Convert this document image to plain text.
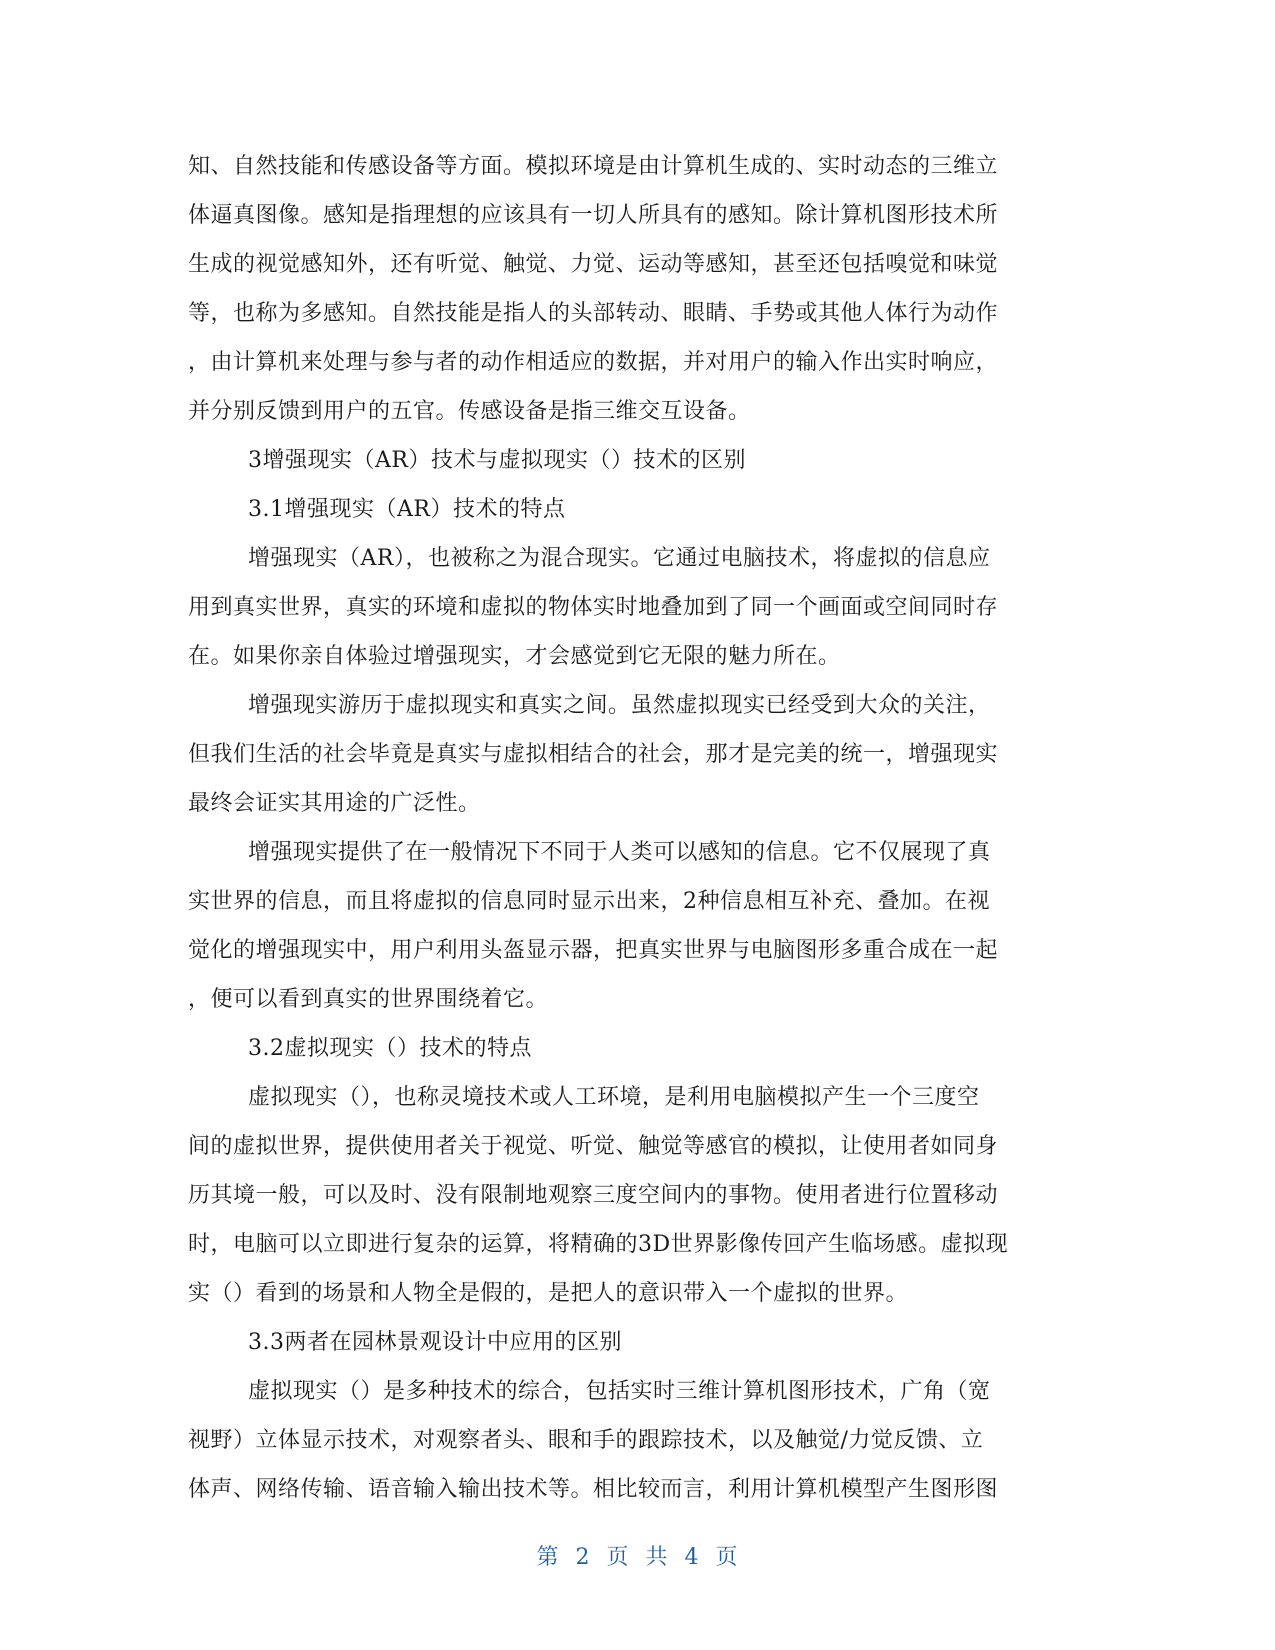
知、自然技能和传感设备等方面。模拟环境是由计算机生成的、实时动态的三维立
体逼真图像。感知是指理想的应该具有一切人所具有的感知。除计算机图形技术所
生成的视觉感知外，还有听觉、触觉、力觉、运动等感知，甚至还包括嗅觉和味觉
等，也称为多感知。自然技能是指人的头部转动、眼睛、手势或其他人体行为动作
，由计算机来处理与参与者的动作相适应的数据，并对用户的输入作出实时响应，
并分别反馈到用户的五官。传感设备是指三维交互设备。
3增强现实（AR）技术与虚拟现实（）技术的区别
3.1增强现实（AR）技术的特点
增强现实（AR），也被称之为混合现实。它通过电脑技术，将虚拟的信息应
用到真实世界，真实的环境和虚拟的物体实时地叠加到了同一个画面或空间同时存
在。如果你亲自体验过增强现实，才会感觉到它无限的魅力所在。
增强现实游历于虚拟现实和真实之间。虽然虚拟现实已经受到大众的关注，
但我们生活的社会毕竟是真实与虚拟相结合的社会，那才是完美的统一，增强现实
最终会证实其用途的广泛性。
增强现实提供了在一般情况下不同于人类可以感知的信息。它不仅展现了真
实世界的信息，而且将虚拟的信息同时显示出来，2种信息相互补充、叠加。在视
觉化的增强现实中，用户利用头盔显示器，把真实世界与电脑图形多重合成在一起
，便可以看到真实的世界围绕着它。
3.2虚拟现实（）技术的特点
虚拟现实（），也称灵境技术或人工环境，是利用电脑模拟产生一个三度空
间的虚拟世界，提供使用者关于视觉、听觉、触觉等感官的模拟，让使用者如同身
历其境一般，可以及时、没有限制地观察三度空间内的事物。使用者进行位置移动
时，电脑可以立即进行复杂的运算，将精确的3D世界影像传回产生临场感。虚拟现
实（）看到的场景和人物全是假的，是把人的意识带入一个虚拟的世界。
3.3两者在园林景观设计中应用的区别
虚拟现实（）是多种技术的综合，包括实时三维计算机图形技术，广角（宽
视野）立体显示技术，对观察者头、眼和手的跟踪技术，以及触觉/力觉反馈、立
体声、网络传输、语音输入输出技术等。相比较而言，利用计算机模型产生图形图
第 2 页 共 4 页
